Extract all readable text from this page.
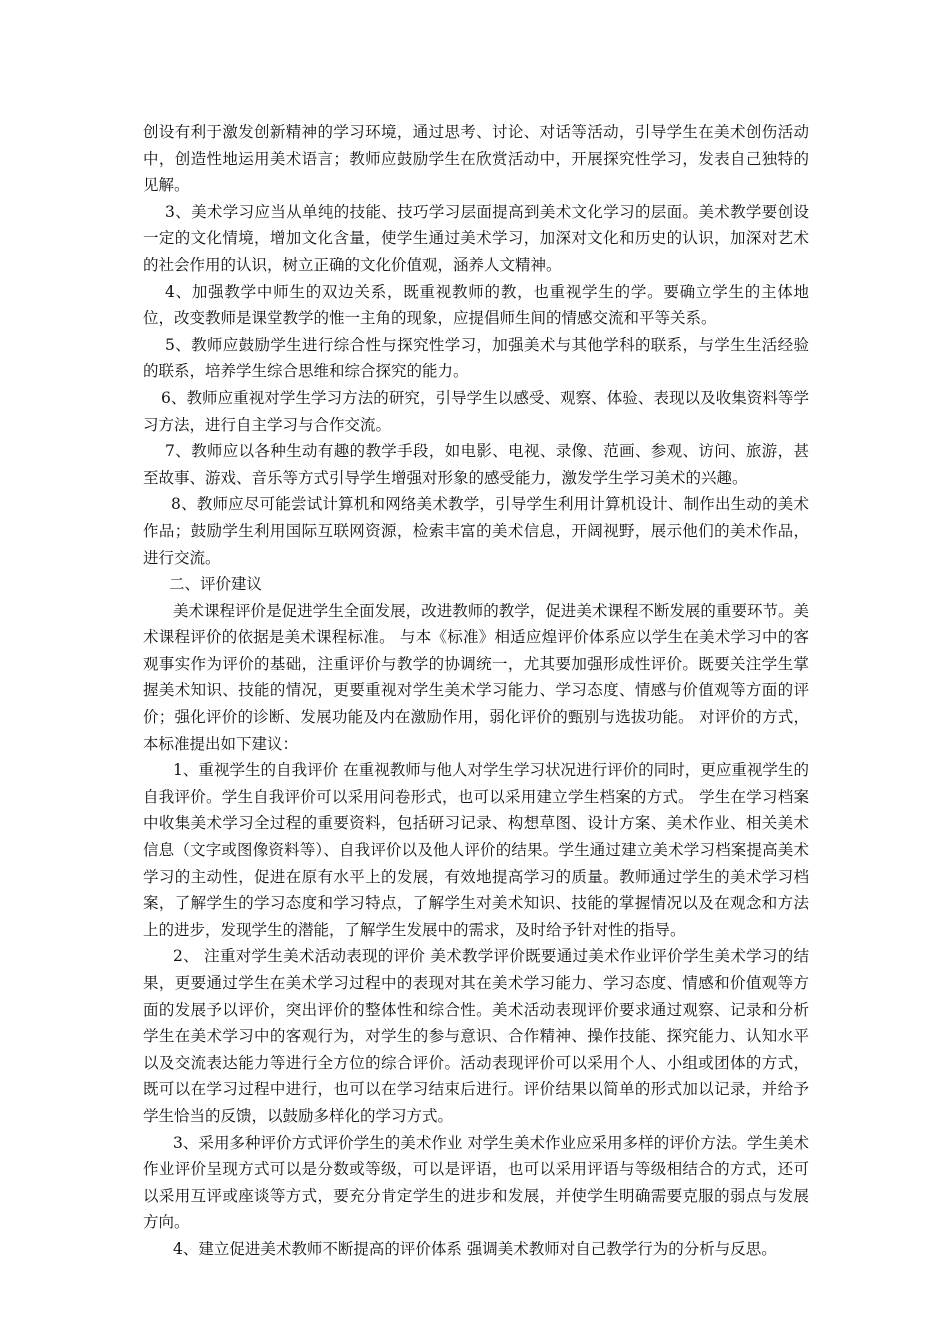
创设有利于激发创新精神的学习环境，通过思考、讨论、对话等活动，引导学生在美术创伤活动中，创造性地运用美术语言；教师应鼓励学生在欣赏活动中，开展探究性学习，发表自己独特的见解。

3、美术学习应当从单纯的技能、技巧学习层面提高到美术文化学习的层面。美术教学要创设一定的文化情境，增加文化含量，使学生通过美术学习，加深对文化和历史的认识，加深对艺术的社会作用的认识，树立正确的文化价值观，涵养人文精神。

4、加强教学中师生的双边关系，既重视教师的教，也重视学生的学。要确立学生的主体地位，改变教师是课堂教学的惟一主角的现象，应提倡师生间的情感交流和平等关系。

5、教师应鼓励学生进行综合性与探究性学习，加强美术与其他学科的联系，与学生生活经验的联系，培养学生综合思维和综合探究的能力。

6、教师应重视对学生学习方法的研究，引导学生以感受、观察、体验、表现以及收集资料等学习方法，进行自主学习与合作交流。

7、教师应以各种生动有趣的教学手段，如电影、电视、录像、范画、参观、访问、旅游，甚至故事、游戏、音乐等方式引导学生增强对形象的感受能力，激发学生学习美术的兴趣。

8、教师应尽可能尝试计算机和网络美术教学，引导学生利用计算机设计、制作出生动的美术作品；鼓励学生利用国际互联网资源，检索丰富的美术信息，开阔视野，展示他们的美术作品，进行交流。

二、评价建议

美术课程评价是促进学生全面发展，改进教师的教学，促进美术课程不断发展的重要环节。美术课程评价的依据是美术课程标准。 与本《标准》相适应煌评价体系应以学生在美术学习中的客观事实作为评价的基础，注重评价与教学的协调统一，尤其要加强形成性评价。既要关注学生掌握美术知识、技能的情况，更要重视对学生美术学习能力、学习态度、情感与价值观等方面的评价；强化评价的诊断、发展功能及内在激励作用，弱化评价的甄别与选拔功能。 对评价的方式，本标准提出如下建议：

1、重视学生的自我评价 在重视教师与他人对学生学习状况进行评价的同时，更应重视学生的自我评价。学生自我评价可以采用问卷形式，也可以采用建立学生档案的方式。 学生在学习档案中收集美术学习全过程的重要资料，包括研习记录、构想草图、设计方案、美术作业、相关美术信息（文字或图像资料等）、自我评价以及他人评价的结果。学生通过建立美术学习档案提高美术学习的主动性，促进在原有水平上的发展，有效地提高学习的质量。教师通过学生的美术学习档案，了解学生的学习态度和学习特点，了解学生对美术知识、技能的掌握情况以及在观念和方法上的进步，发现学生的潜能，了解学生发展中的需求，及时给予针对性的指导。

2、 注重对学生美术活动表现的评价 美术教学评价既要通过美术作业评价学生美术学习的结果，更要通过学生在美术学习过程中的表现对其在美术学习能力、学习态度、情感和价值观等方面的发展予以评价，突出评价的整体性和综合性。美术活动表现评价要求通过观察、记录和分析学生在美术学习中的客观行为，对学生的参与意识、合作精神、操作技能、探究能力、认知水平以及交流表达能力等进行全方位的综合评价。活动表现评价可以采用个人、小组或团体的方式，既可以在学习过程中进行，也可以在学习结束后进行。评价结果以简单的形式加以记录，并给予学生恰当的反馈，以鼓励多样化的学习方式。

3、采用多种评价方式评价学生的美术作业 对学生美术作业应采用多样的评价方法。学生美术作业评价呈现方式可以是分数或等级，可以是评语，也可以采用评语与等级相结合的方式，还可以采用互评或座谈等方式，要充分肯定学生的进步和发展，并使学生明确需要克服的弱点与发展方向。

4、建立促进美术教师不断提高的评价体系 强调美术教师对自己教学行为的分析与反思。
